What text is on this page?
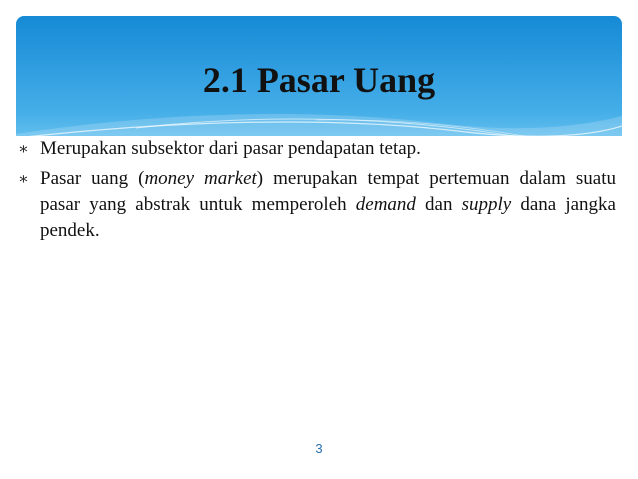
2.1 Pasar Uang
∗ Merupakan subsektor dari pasar pendapatan tetap.
∗ Pasar uang (money market) merupakan tempat pertemuan dalam suatu pasar yang abstrak untuk memperoleh demand dan supply dana jangka pendek.
3
